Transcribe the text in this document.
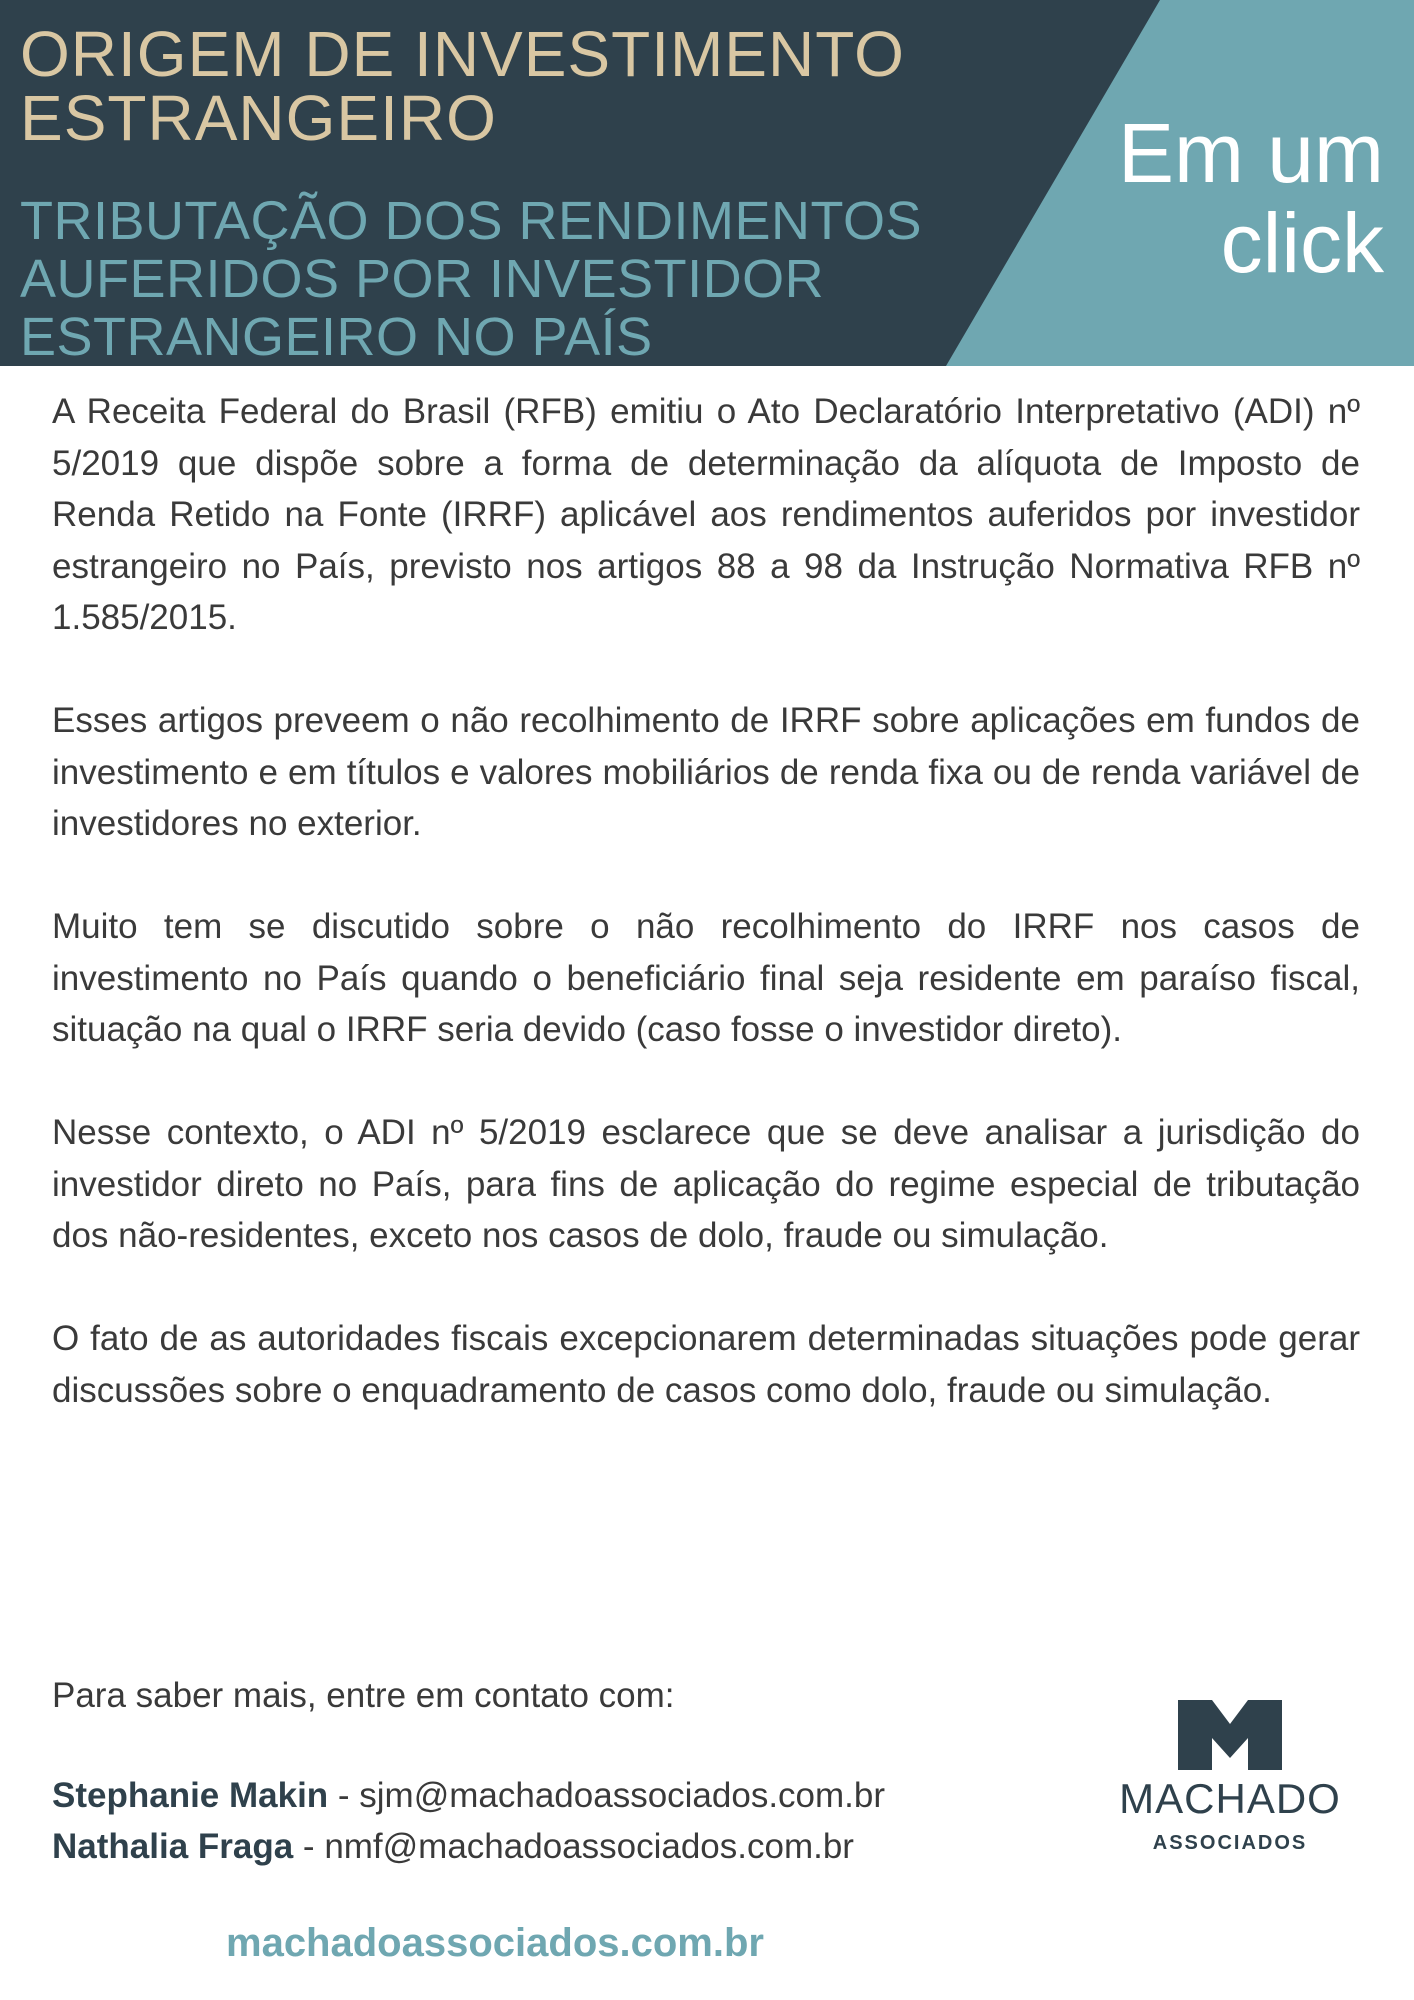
ORIGEM DE INVESTIMENTO ESTRANGEIRO
TRIBUTAÇÃO DOS RENDIMENTOS AUFERIDOS POR INVESTIDOR ESTRANGEIRO NO PAÍS
Em um click

A Receita Federal do Brasil (RFB) emitiu o Ato Declaratório Interpretativo (ADI) nº 5/2019 que dispõe sobre a forma de determinação da alíquota de Imposto de Renda Retido na Fonte (IRRF) aplicável aos rendimentos auferidos por investidor estrangeiro no País, previsto nos artigos 88 a 98 da Instrução Normativa RFB nº 1.585/2015.

Esses artigos preveem o não recolhimento de IRRF sobre aplicações em fundos de investimento e em títulos e valores mobiliários de renda fixa ou de renda variável de investidores no exterior.

Muito tem se discutido sobre o não recolhimento do IRRF nos casos de investimento no País quando o beneficiário final seja residente em paraíso fiscal, situação na qual o IRRF seria devido (caso fosse o investidor direto).

Nesse contexto, o ADI nº 5/2019 esclarece que se deve analisar a jurisdição do investidor direto no País, para fins de aplicação do regime especial de tributação dos não-residentes, exceto nos casos de dolo, fraude ou simulação.

O fato de as autoridades fiscais excepcionarem determinadas situações pode gerar discussões sobre o enquadramento de casos como dolo, fraude ou simulação.

Para saber mais, entre em contato com:
Stephanie Makin - sjm@machadoassociados.com.br
Nathalia Fraga - nmf@machadoassociados.com.br
machadoassociados.com.br
MACHADO
ASSOCIADOS
